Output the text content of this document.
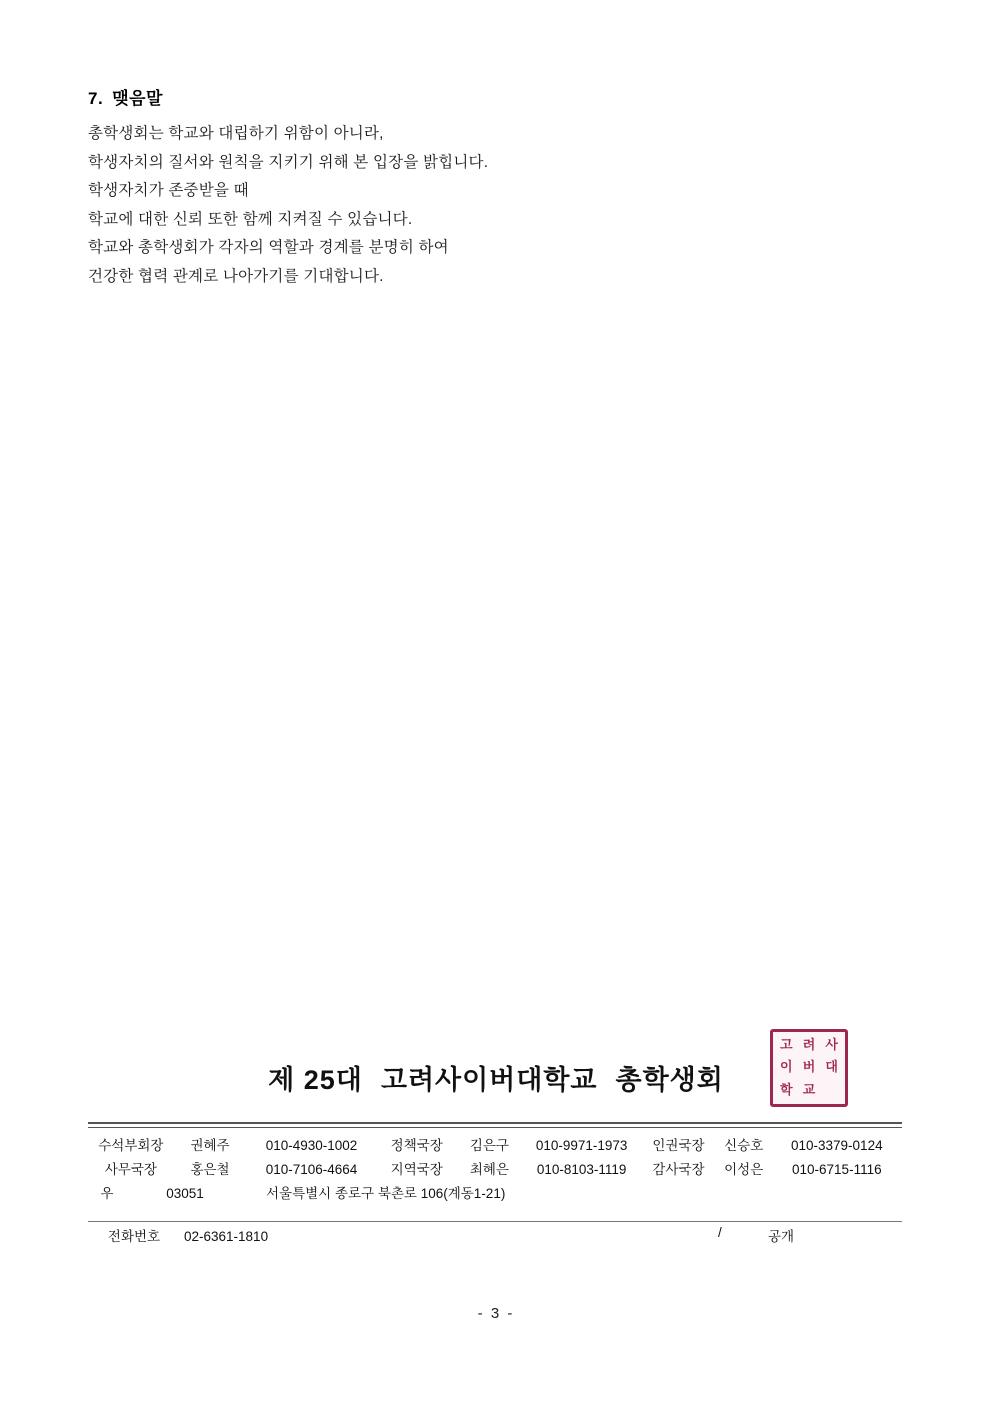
7. 맺음말
총학생회는 학교와 대립하기 위함이 아니라,
학생자치의 질서와 원칙을 지키기 위해 본 입장을 밝힙니다.
학생자치가 존중받을 때
학교에 대한 신뢰 또한 함께 지켜질 수 있습니다.
학교와 총학생회가 각자의 역할과 경계를 분명히 하여
건강한 협력 관계로 나아가기를 기대합니다.
제 25대 고려사이버대학교 총학생회
고 려 사
이 버 대
학 교
수석부회장	권혜주	010-4930-1002	정책국장	김은구	010-9971-1973	인권국장	신승호	010-3379-0124
사무국장	홍은철	010-7106-4664	지역국장	최혜은	010-8103-1119	감사국장	이성은	010-6715-1116
우	03051	서울특별시 종로구 북촌로 106(계동1-21)
전화번호	02-6361-1810	/	공개
- 3 -
